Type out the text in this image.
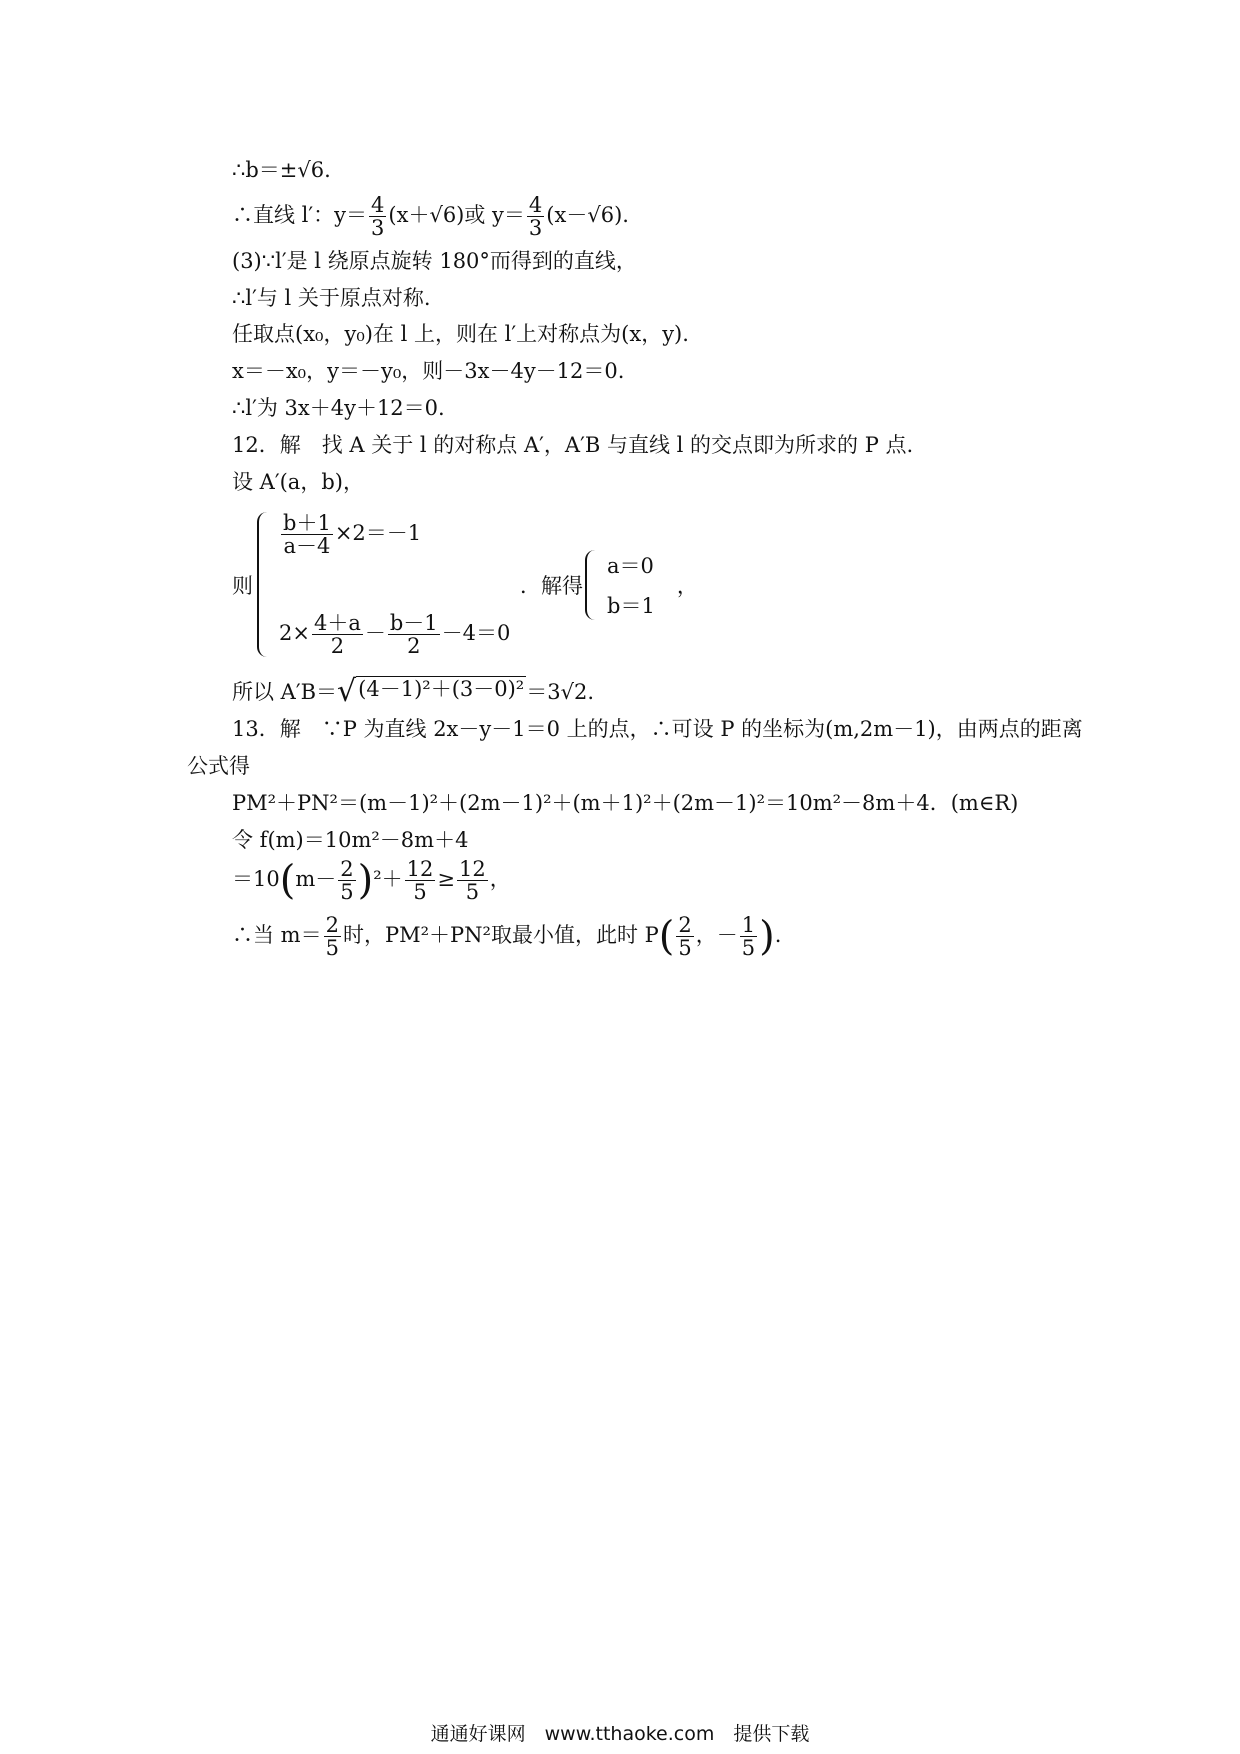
∴b＝±√6.
∴直线 l′：$y= \frac{4}{3} (x+√6)$或 $y= \frac{4}{3} (x-√6)$.
(3)∵l′是 l 绕原点旋转 180°而得到的直线，
∴l′与 l 关于原点对称.
任取点(x₀，y₀)在 l 上，则在 l′上对称点为(x，y).
x＝－x₀，y＝－y₀，则－3x－4y－12＝0.
∴l′为 3x＋4y＋12＝0.
12．解　找 A 关于 l 的对称点 A′，A′B 与直线 l 的交点即为所求的 P 点.
设 A′(a，b)，
则
$\frac{b+1}{a-4} \times 2=-1$
$2\times \frac{4+a}{2} - \frac{b-1}{2} -4=0$
．解得
a＝0
b＝1
，
所以 A′B＝ √ (4－1)²＋(3－0)² ＝3√2.
13．解　∵P 为直线 2x－y－1＝0 上的点，∴可设 P 的坐标为(m,2m－1)，由两点的距离
公式得
PM²＋PN²＝(m－1)²＋(2m－1)²＋(m＋1)²＋(2m－1)²＝10m²－8m＋4．(m∈R)
令 f(m)＝10m²－8m＋4
$=10(m- \frac{2}{5} )^2+ \frac{12}{5} \ge \frac{12}{5}$ ，
∴当 $m= \frac{2}{5}$ 时，PM²＋PN²取最小值，此时 $P( \frac{2}{5}$ ，－ $\frac{1}{5}$ ).
通通好课网　www.tthaoke.com　提供下载
